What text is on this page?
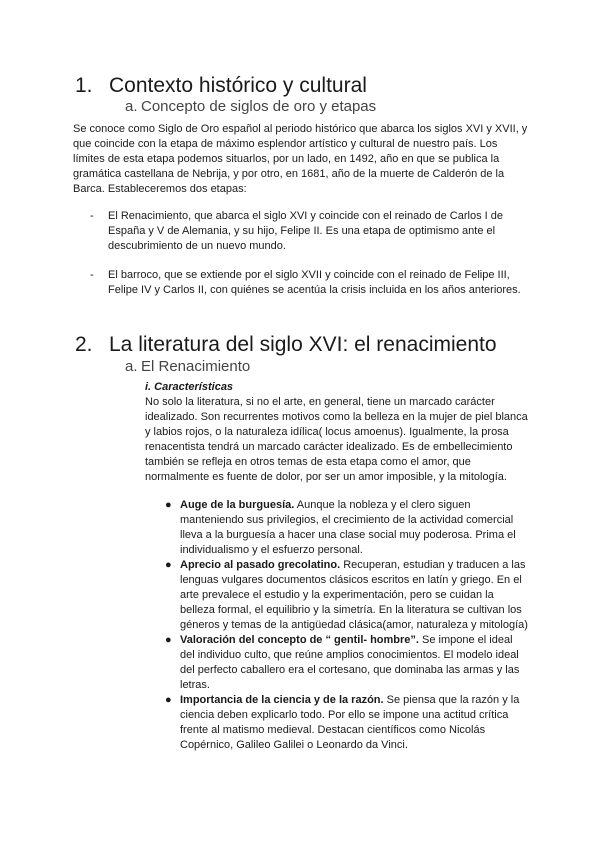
1. Contexto histórico y cultural
a. Concepto de siglos de oro y etapas

Se conoce como Siglo de Oro español al periodo histórico que abarca los siglos XVI y XVII, y que coincide con la etapa de máximo esplendor artístico y cultural de nuestro país. Los límites de esta etapa podemos situarlos, por un lado, en 1492, año en que se publica la gramática castellana de Nebrija, y por otro, en 1681, año de la muerte de Calderón de la Barca. Estableceremos dos etapas:

- El Renacimiento, que abarca el siglo XVI y coincide con el reinado de Carlos I de España y V de Alemania, y su hijo, Felipe II. Es una etapa de optimismo ante el descubrimiento de un nuevo mundo.
- El barroco, que se extiende por el siglo XVII y coincide con el reinado de Felipe III, Felipe IV y Carlos II, con quiénes se acentúa la crisis incluida en los años anteriores.
2. La literatura del siglo XVI: el renacimiento
a. El Renacimiento
i. Características

No solo la literatura, si no el arte, en general, tiene un marcado carácter idealizado. Son recurrentes motivos como la belleza en la mujer de piel blanca y labios rojos, o la naturaleza idílica( locus amoenus). Igualmente, la prosa renacentista tendrá un marcado carácter idealizado. Es de embellecimiento también se refleja en otros temas de esta etapa como el amor, que normalmente es fuente de dolor, por ser un amor imposible, y la mitología.

● Auge de la burguesía. Aunque la nobleza y el clero siguen manteniendo sus privilegios, el crecimiento de la actividad comercial lleva a la burguesía a hacer una clase social muy poderosa. Prima el individualismo y el esfuerzo personal.
● Aprecio al pasado grecolatino. Recuperan, estudian y traducen a las lenguas vulgares documentos clásicos escritos en latín y griego. En el arte prevalece el estudio y la experimentación, pero se cuidan la belleza formal, el equilibrio y la simetría. En la literatura se cultivan los géneros y temas de la antigüedad clásica(amor, naturaleza y mitología)
● Valoración del concepto de “ gentil- hombre”. Se impone el ideal del individuo culto, que reúne amplios conocimientos. El modelo ideal del perfecto caballero era el cortesano, que dominaba las armas y las letras.
● Importancia de la ciencia y de la razón. Se piensa que la razón y la ciencia deben explicarlo todo. Por ello se impone una actitud crítica frente al matismo medieval. Destacan científicos como Nicolás Copérnico, Galileo Galilei o Leonardo da Vinci.
